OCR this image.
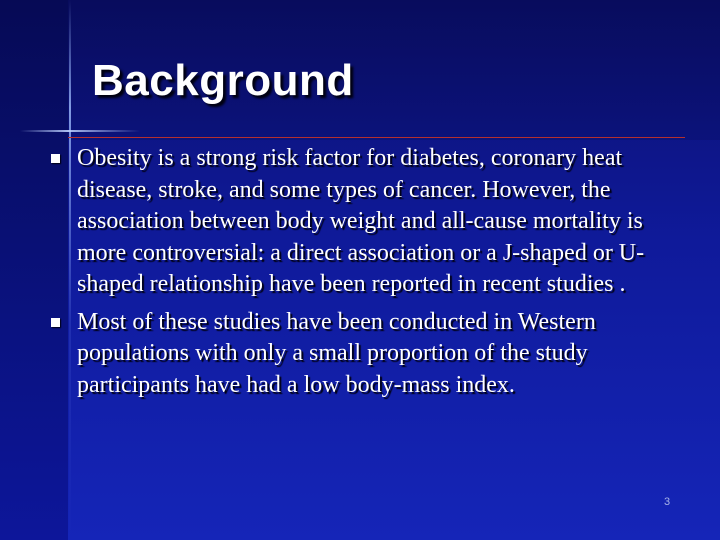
Background
Obesity is a strong risk factor for diabetes, coronary heat disease, stroke, and some types of cancer. However, the association between body weight and all-cause mortality is more controversial: a direct association or a J-shaped or U-shaped relationship have been reported in recent studies .
Most of these studies have been conducted in Western populations with only a small proportion of the study participants have had a low body-mass index.
3
